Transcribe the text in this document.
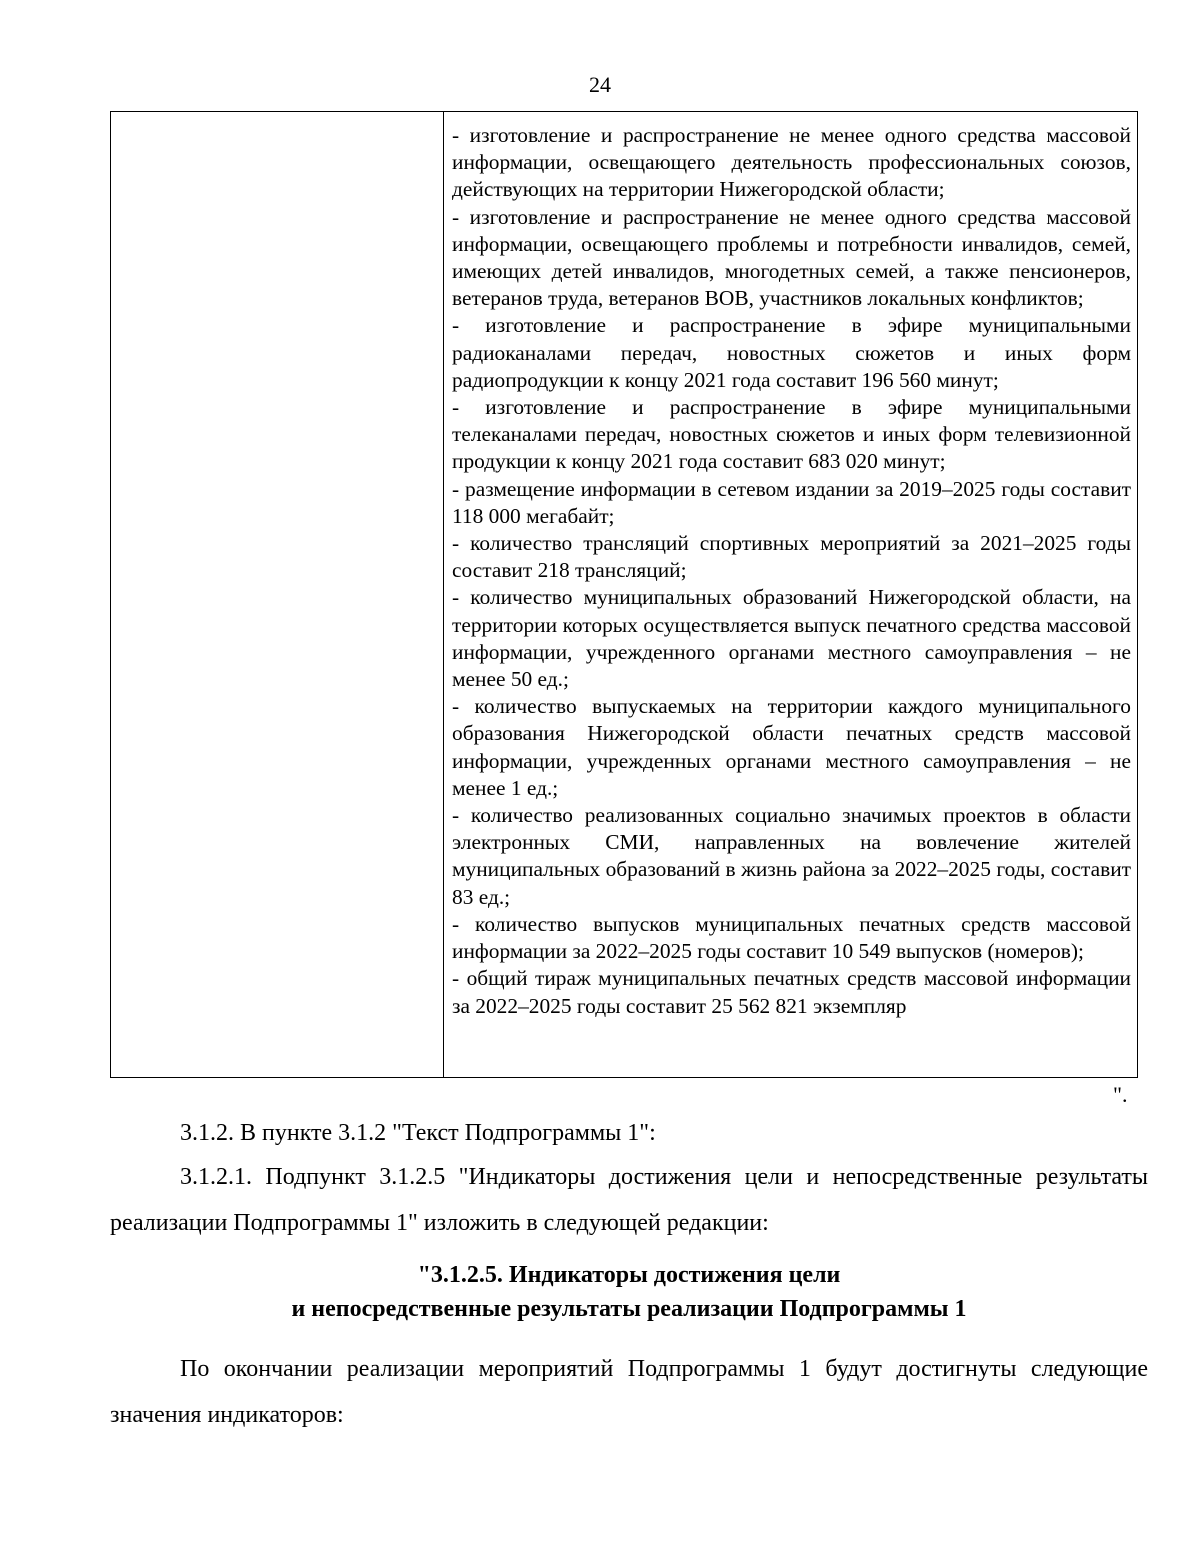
24

- изготовление и распространение не менее одного средства массовой информации, освещающего деятельность профессиональных союзов, действующих на территории Нижегородской области;

- изготовление и распространение не менее одного средства массовой информации, освещающего проблемы и потребности инвалидов, семей, имеющих детей инвалидов, многодетных семей, а также пенсионеров, ветеранов труда, ветеранов ВОВ, участников локальных конфликтов;

- изготовление и распространение в эфире муниципальными радиоканалами передач, новостных сюжетов и иных форм радиопродукции к концу 2021 года составит 196 560 минут;

- изготовление и распространение в эфире муниципальными телеканалами передач, новостных сюжетов и иных форм телевизионной продукции к концу 2021 года составит 683 020 минут;

- размещение информации в сетевом издании за 2019–2025 годы составит 118 000 мегабайт;

- количество трансляций спортивных мероприятий за 2021–2025 годы составит 218 трансляций;

- количество муниципальных образований Нижегородской области, на территории которых осуществляется выпуск печатного средства массовой информации, учрежденного органами местного самоуправления – не менее 50 ед.;

- количество выпускаемых на территории каждого муниципального образования Нижегородской области печатных средств массовой информации, учрежденных органами местного самоуправления – не менее 1 ед.;

- количество реализованных социально значимых проектов в области электронных СМИ, направленных на вовлечение жителей муниципальных образований в жизнь района за 2022–2025 годы, составит 83 ед.;

- количество выпусков муниципальных печатных средств массовой информации за 2022–2025 годы составит 10 549 выпусков (номеров);

- общий тираж муниципальных печатных средств массовой информации за 2022–2025 годы составит 25 562 821 экземпляр

".

3.1.2. В пункте 3.1.2 "Текст Подпрограммы 1":

3.1.2.1. Подпункт 3.1.2.5 "Индикаторы достижения цели и непосредственные результаты реализации Подпрограммы 1" изложить в следующей редакции:

"3.1.2.5. Индикаторы достижения цели
и непосредственные результаты реализации Подпрограммы 1

По окончании реализации мероприятий Подпрограммы 1 будут достигнуты следующие значения индикаторов:
